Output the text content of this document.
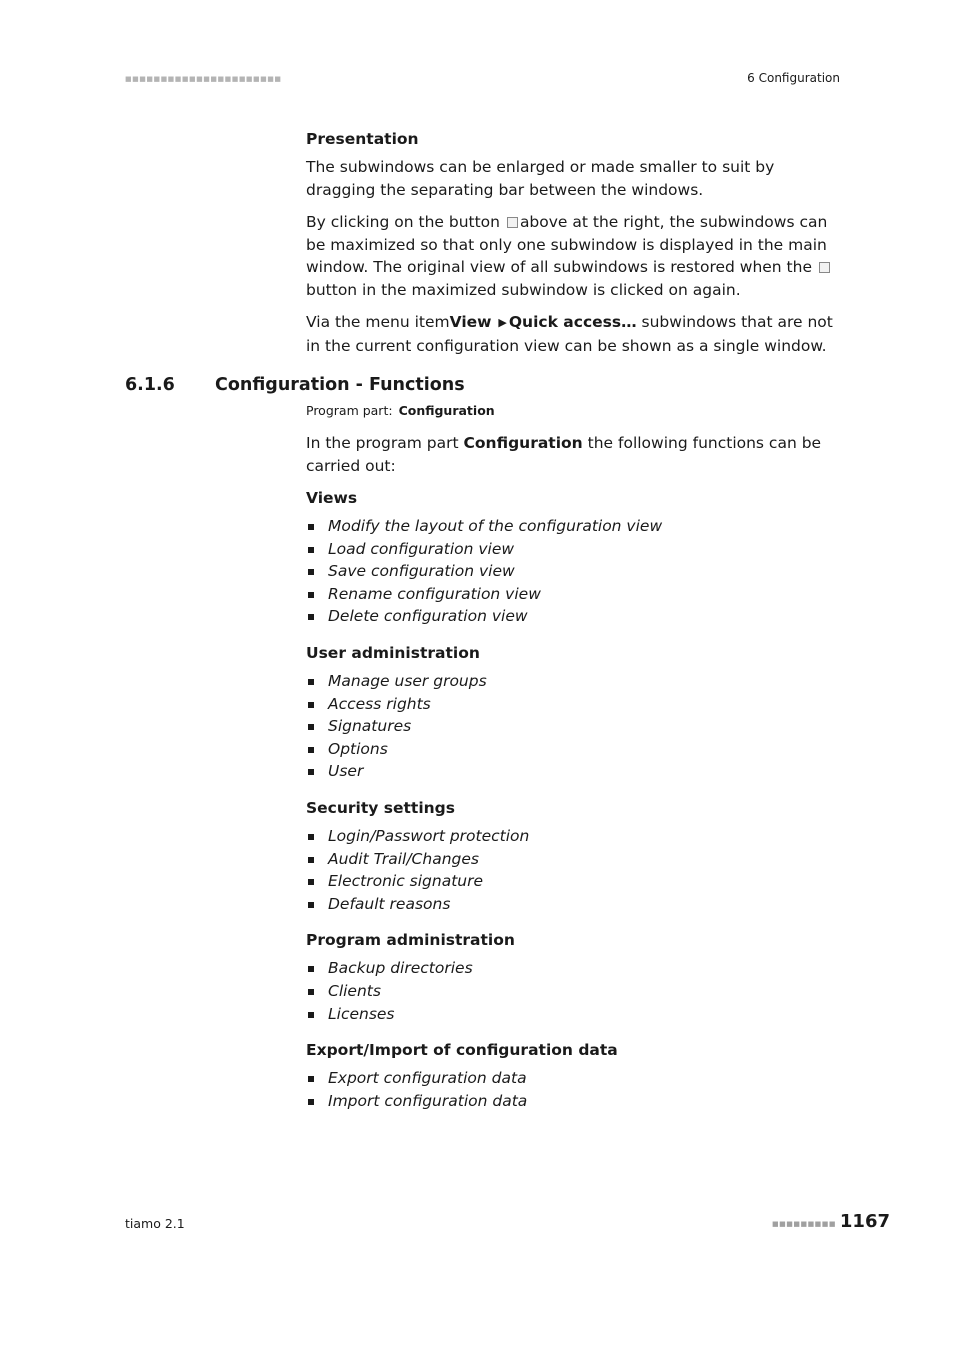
■■■■■■■■■■■■■■■■■■■■■■	6 Configuration
Presentation

The subwindows can be enlarged or made smaller to suit by dragging the separating bar between the windows.

By clicking on the button above at the right, the subwindows can be maximized so that only one subwindow is displayed in the main window. The original view of all subwindows is restored when the button in the maximized subwindow is clicked on again.

Via the menu itemView ▶ Quick access… subwindows that are not in the current configuration view can be shown as a single window.

6.1.6 Configuration - Functions
Program part: Configuration

In the program part Configuration the following functions can be carried out:

Views
Modify the layout of the configuration view
Load configuration view
Save configuration view
Rename configuration view
Delete configuration view
User administration
Manage user groups
Access rights
Signatures
Options
User
Security settings
Login/Passwort protection
Audit Trail/Changes
Electronic signature
Default reasons
Program administration
Backup directories
Clients
Licenses
Export/Import of configuration data
Export configuration data
Import configuration data
tiamo 2.1	■■■■■■■■■ 1167
